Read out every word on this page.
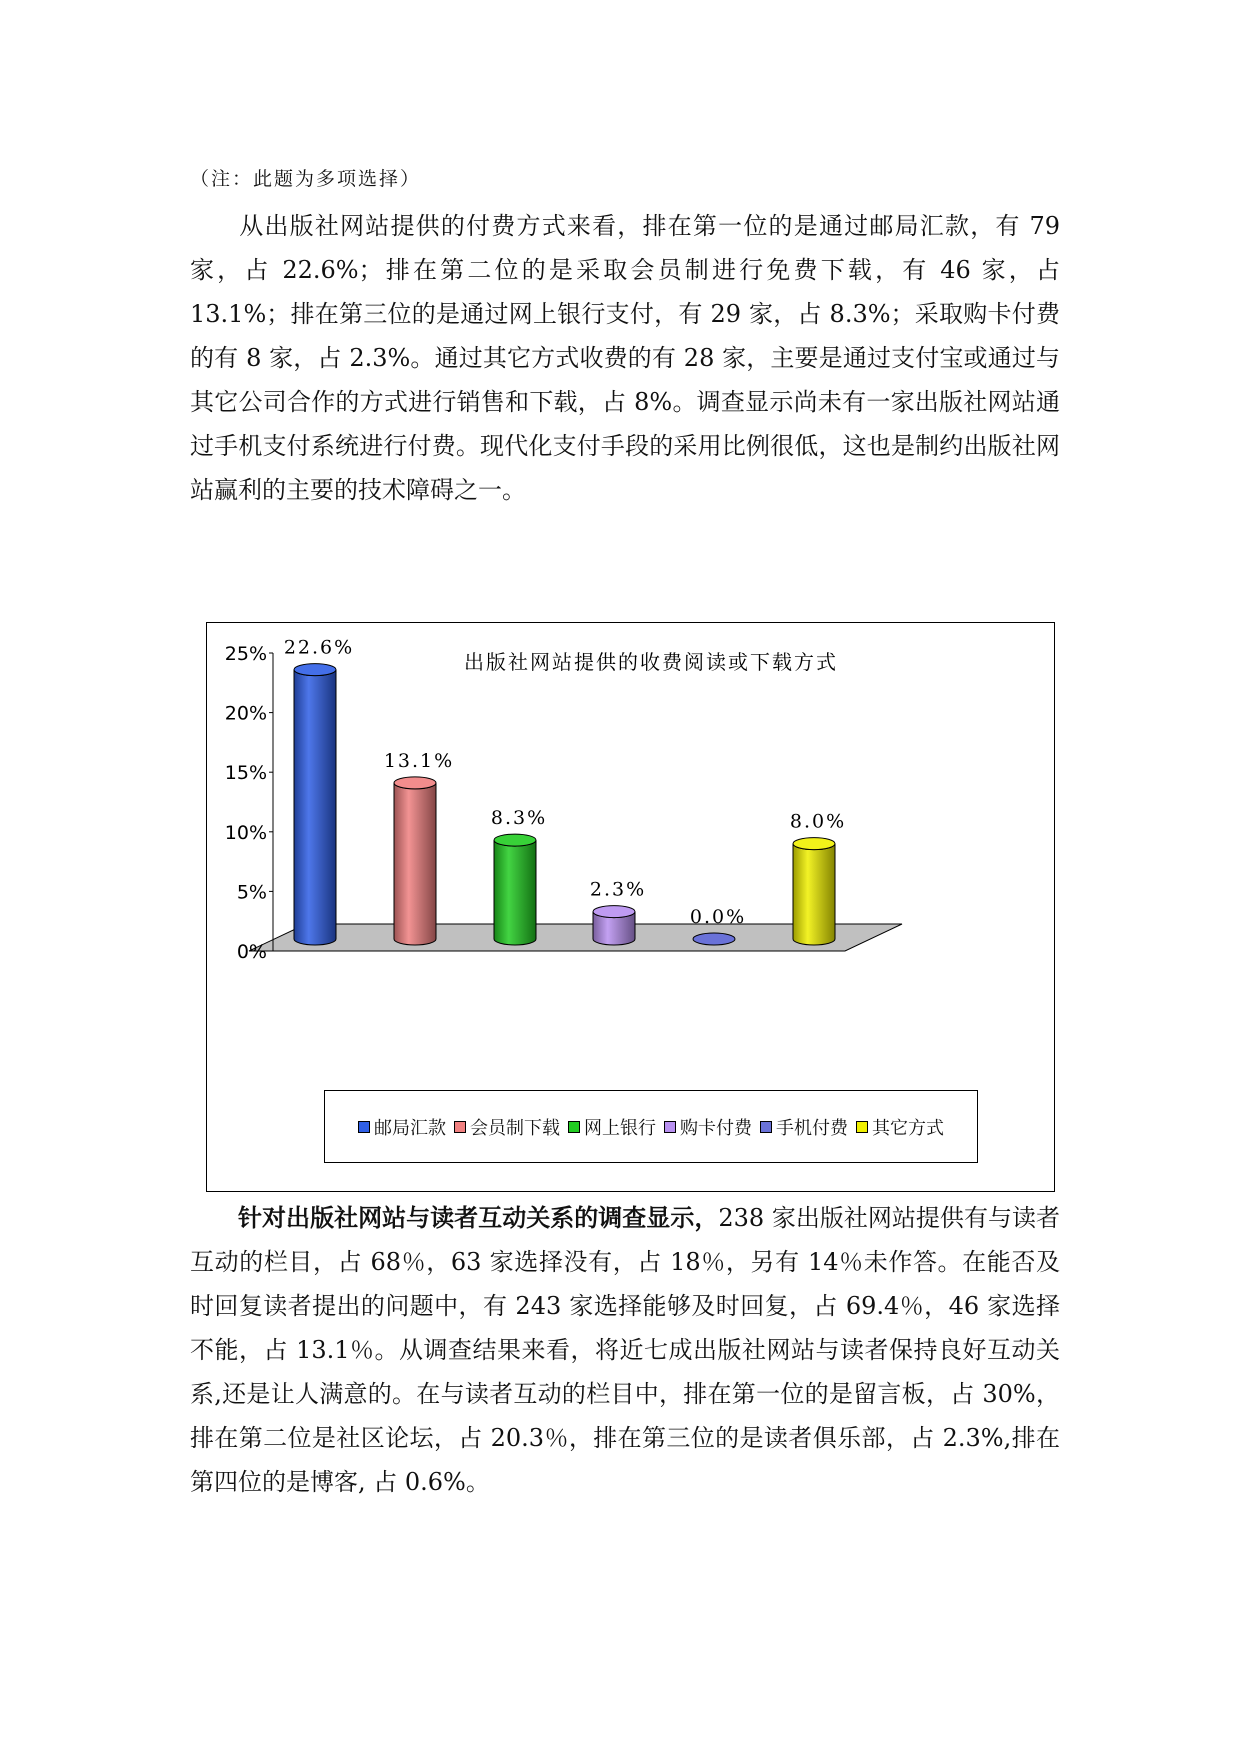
（注：此题为多项选择）

从出版社网站提供的付费方式来看，排在第一位的是通过邮局汇款，有 79 家，占 22.6%；排在第二位的是采取会员制进行免费下载，有 46 家，占 13.1%；排在第三位的是通过网上银行支付，有 29 家，占 8.3%；采取购卡付费的有 8 家，占 2.3%。通过其它方式收费的有 28 家，主要是通过支付宝或通过与其它公司合作的方式进行销售和下载，占 8%。调查显示尚未有一家出版社网站通过手机支付系统进行付费。现代化支付手段的采用比例很低，这也是制约出版社网站赢利的主要的技术障碍之一。

出版社网站提供的收费阅读或下载方式
0%
5%
10%
15%
20%
25% 22.6%
13.1%
8.3%
2.3%
0.0%
8.0%
邮局汇款 会员制下载 网上银行 购卡付费 手机付费 其它方式

针对出版社网站与读者互动关系的调查显示，238 家出版社网站提供有与读者互动的栏目，占 68％，63 家选择没有，占 18％，另有 14％未作答。在能否及时回复读者提出的问题中，有 243 家选择能够及时回复，占 69.4％，46 家选择不能，占 13.1％。从调查结果来看，将近七成出版社网站与读者保持良好互动关系,还是让人满意的。在与读者互动的栏目中，排在第一位的是留言板，占 30%，排在第二位是社区论坛，占 20.3％，排在第三位的是读者俱乐部，占 2.3%,排在第四位的是博客, 占 0.6%。
